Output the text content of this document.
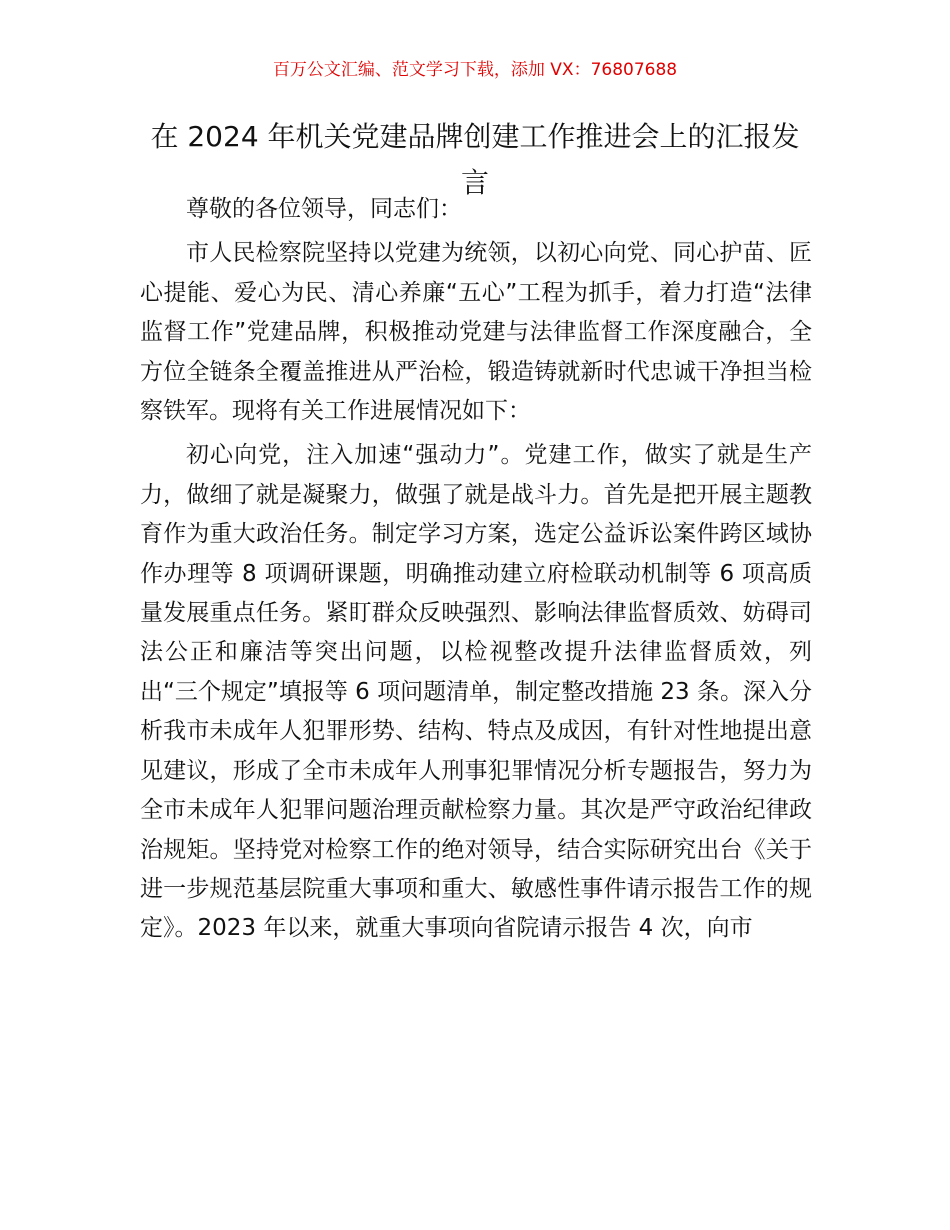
百万公文汇编、范文学习下载，添加 VX：76807688
在 2024 年机关党建品牌创建工作推进会上的汇报发言

尊敬的各位领导，同志们：

市人民检察院坚持以党建为统领，以初心向党、同心护苗、匠心提能、爱心为民、清心养廉“五心”工程为抓手，着力打造“法律监督工作”党建品牌，积极推动党建与法律监督工作深度融合，全方位全链条全覆盖推进从严治检，锻造铸就新时代忠诚干净担当检察铁军。现将有关工作进展情况如下：

初心向党，注入加速“强动力”。党建工作，做实了就是生产力，做细了就是凝聚力，做强了就是战斗力。首先是把开展主题教育作为重大政治任务。制定学习方案，选定公益诉讼案件跨区域协作办理等 8 项调研课题，明确推动建立府检联动机制等 6 项高质量发展重点任务。紧盯群众反映强烈、影响法律监督质效、妨碍司法公正和廉洁等突出问题，以检视整改提升法律监督质效，列出“三个规定”填报等 6 项问题清单，制定整改措施 23 条。深入分析我市未成年人犯罪形势、结构、特点及成因，有针对性地提出意见建议，形成了全市未成年人刑事犯罪情况分析专题报告，努力为全市未成年人犯罪问题治理贡献检察力量。其次是严守政治纪律政治规矩。坚持党对检察工作的绝对领导，结合实际研究出台《关于进一步规范基层院重大事项和重大、敏感性事件请示报告工作的规定》。2023 年以来，就重大事项向省院请示报告 4 次，向市
